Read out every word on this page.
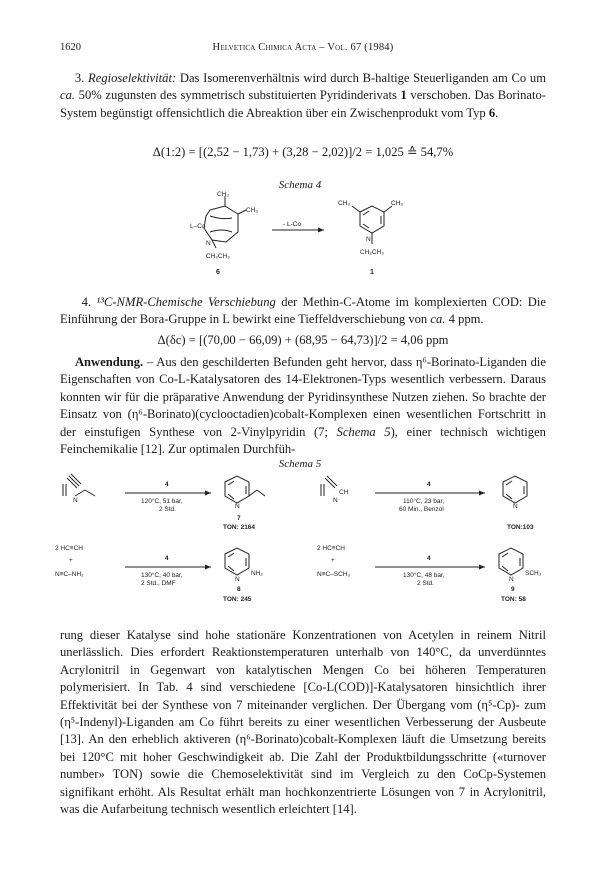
1620	Helvetica Chimica Acta – Vol. 67 (1984)

3. Regioselektivität: Das Isomerenverhältnis wird durch B-haltige Steuerliganden am Co um ca. 50% zugunsten des symmetrisch substituierten Pyridinderivats 1 verschoben. Das Borinato-System begünstigt offensichtlich die Abreaktion über ein Zwischenprodukt vom Typ 6.

Δ(1:2) = [(2,52 − 1,73) + (3,28 − 2,02)]/2 = 1,025 ≙ 54,7%
Schema 4
CH₃
CH₃
L–Co
N
CH₂CH₃
6
- L-Co
CH₃	CH₃
N
CH₂CH₃
1

4. ¹³C-NMR-Chemische Verschiebung der Methin-C-Atome im komplexierten COD: Die Einführung der Bora-Gruppe in L bewirkt eine Tieffeldverschiebung von ca. 4 ppm.

Δ(δc) = [(70,00 − 66,09) + (68,95 − 64,73)]/2 = 4,06 ppm

Anwendung. – Aus den geschilderten Befunden geht hervor, dass η⁶-Borinato-Liganden die Eigenschaften von Co-L-Katalysatoren des 14-Elektronen-Typs wesentlich verbessern. Daraus konnten wir für die präparative Anwendung der Pyridinsynthese Nutzen ziehen. So brachte der Einsatz von (η⁶-Borinato)(cyclooctadien)cobalt-Komplexen einen wesentlichen Fortschritt in der einstufigen Synthese von 2-Vinylpyridin (7; Schema 5), einer technisch wichtigen Feinchemikalie [12]. Zur optimalen Durchfüh-

Schema 5
N
4
120°C, 51 bar,
2 Std.	N
7
TON: 2164
N
CH
4
110°C, 23 bar,
60 Min., Benzol	N
TON:103
2 HC≡CH
+
N≡C–NH₂
4
130°C, 40 bar,
2 Std., DMF
N
NH₂
8
TON: 245
2 HC≡CH
+
N≡C–SCH₃
4
130°C, 48 bar,
2 Std.
N
SCH₃
9
TON: 58

rung dieser Katalyse sind hohe stationäre Konzentrationen von Acetylen in reinem Nitril unerlässlich. Dies erfordert Reaktionstemperaturen unterhalb von 140°C, da unverdünntes Acrylonitril in Gegenwart von katalytischen Mengen Co bei höheren Temperaturen polymerisiert. In Tab. 4 sind verschiedene [Co-L(COD)]-Katalysatoren hinsichtlich ihrer Effektivität bei der Synthese von 7 miteinander verglichen. Der Übergang vom (η⁵-Cp)- zum (η⁵-Indenyl)-Liganden am Co führt bereits zu einer wesentlichen Verbesserung der Ausbeute [13]. An den erheblich aktiveren (η⁶-Borinato)cobalt-Komplexen läuft die Umsetzung bereits bei 120°C mit hoher Geschwindigkeit ab. Die Zahl der Produktbildungsschritte («turnover number» TON) sowie die Chemoselektivität sind im Vergleich zu den CoCp-Systemen signifikant erhöht. Als Resultat erhält man hochkonzentrierte Lösungen von 7 in Acrylonitril, was die Aufarbeitung technisch wesentlich erleichtert [14].
